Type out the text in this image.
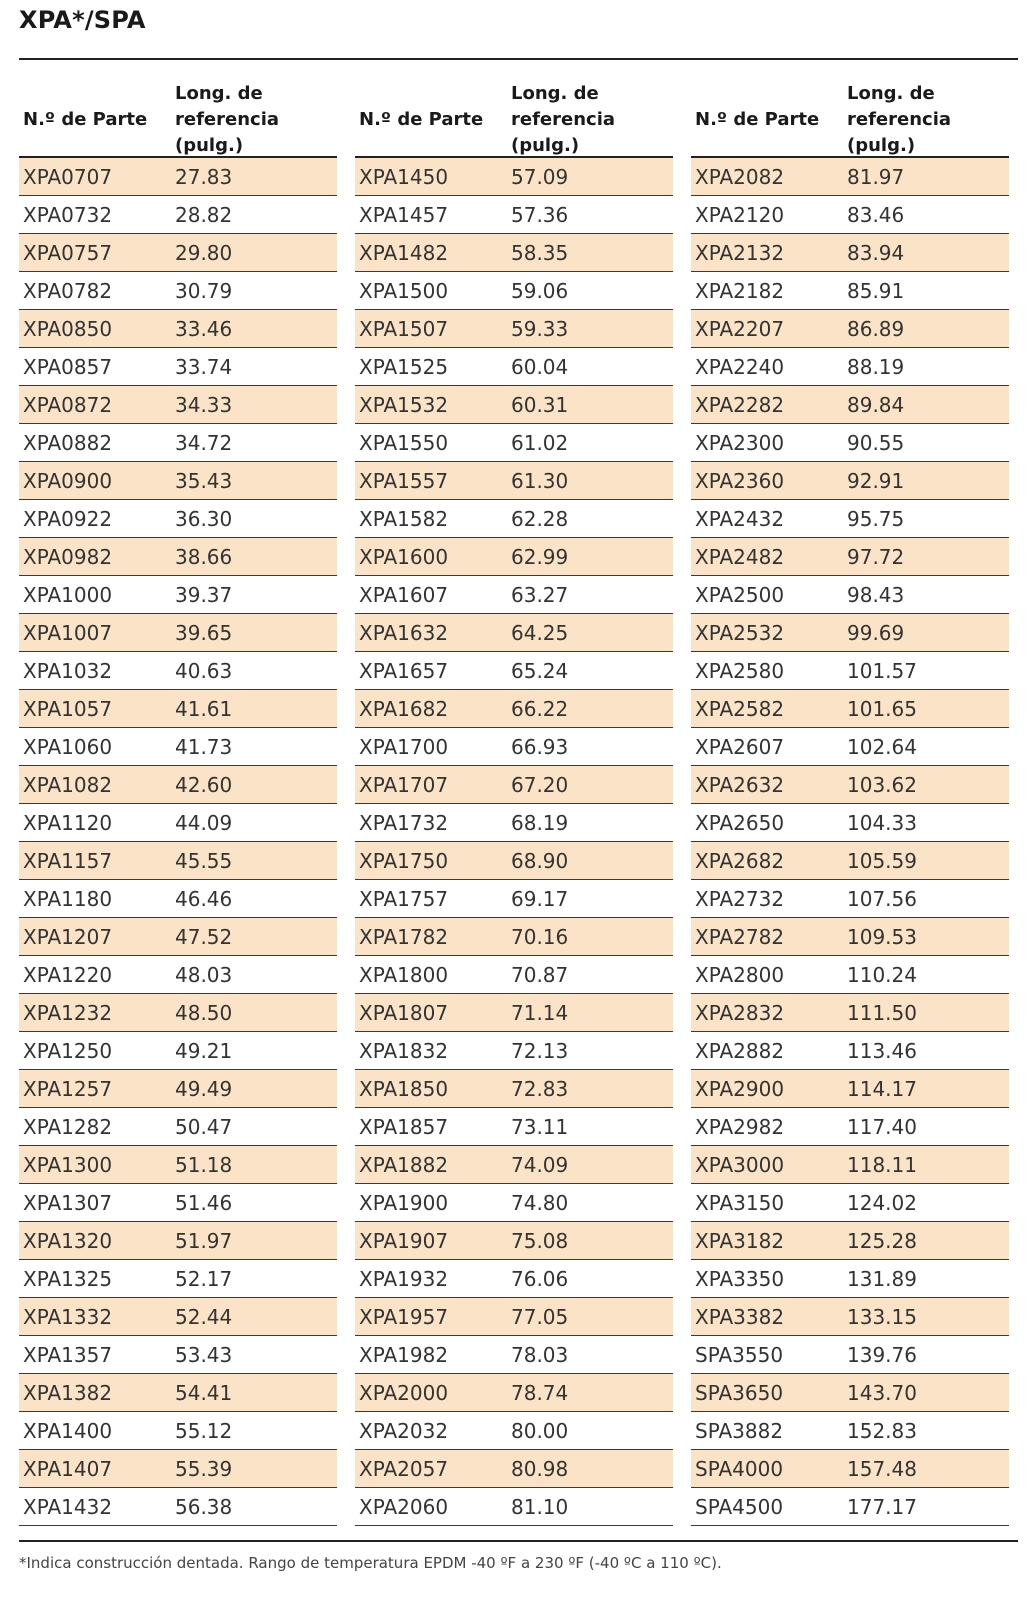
XPA*/SPA
N.º de Parte
Long. de
referencia (pulg.)
XPA0707	27.83
XPA0732	28.82
XPA0757	29.80
XPA0782	30.79
XPA0850	33.46
XPA0857	33.74
XPA0872	34.33
XPA0882	34.72
XPA0900	35.43
XPA0922	36.30
XPA0982	38.66
XPA1000	39.37
XPA1007	39.65
XPA1032	40.63
XPA1057	41.61
XPA1060	41.73
XPA1082	42.60
XPA1120	44.09
XPA1157	45.55
XPA1180	46.46
XPA1207	47.52
XPA1220	48.03
XPA1232	48.50
XPA1250	49.21
XPA1257	49.49
XPA1282	50.47
XPA1300	51.18
XPA1307	51.46
XPA1320	51.97
XPA1325	52.17
XPA1332	52.44
XPA1357	53.43
XPA1382	54.41
XPA1400	55.12
XPA1407	55.39
XPA1432	56.38
N.º de Parte
Long. de
referencia (pulg.)
XPA1450	57.09
XPA1457	57.36
XPA1482	58.35
XPA1500	59.06
XPA1507	59.33
XPA1525	60.04
XPA1532	60.31
XPA1550	61.02
XPA1557	61.30
XPA1582	62.28
XPA1600	62.99
XPA1607	63.27
XPA1632	64.25
XPA1657	65.24
XPA1682	66.22
XPA1700	66.93
XPA1707	67.20
XPA1732	68.19
XPA1750	68.90
XPA1757	69.17
XPA1782	70.16
XPA1800	70.87
XPA1807	71.14
XPA1832	72.13
XPA1850	72.83
XPA1857	73.11
XPA1882	74.09
XPA1900	74.80
XPA1907	75.08
XPA1932	76.06
XPA1957	77.05
XPA1982	78.03
XPA2000	78.74
XPA2032	80.00
XPA2057	80.98
XPA2060	81.10
N.º de Parte
Long. de
referencia (pulg.)
XPA2082	81.97
XPA2120	83.46
XPA2132	83.94
XPA2182	85.91
XPA2207	86.89
XPA2240	88.19
XPA2282	89.84
XPA2300	90.55
XPA2360	92.91
XPA2432	95.75
XPA2482	97.72
XPA2500	98.43
XPA2532	99.69
XPA2580	101.57
XPA2582	101.65
XPA2607	102.64
XPA2632	103.62
XPA2650	104.33
XPA2682	105.59
XPA2732	107.56
XPA2782	109.53
XPA2800	110.24
XPA2832	111.50
XPA2882	113.46
XPA2900	114.17
XPA2982	117.40
XPA3000	118.11
XPA3150	124.02
XPA3182	125.28
XPA3350	131.89
XPA3382	133.15
SPA3550	139.76
SPA3650	143.70
SPA3882	152.83
SPA4000	157.48
SPA4500	177.17
*Indica construcción dentada. Rango de temperatura EPDM -40 ºF a 230 ºF (-40 ºC a 110 ºC).
